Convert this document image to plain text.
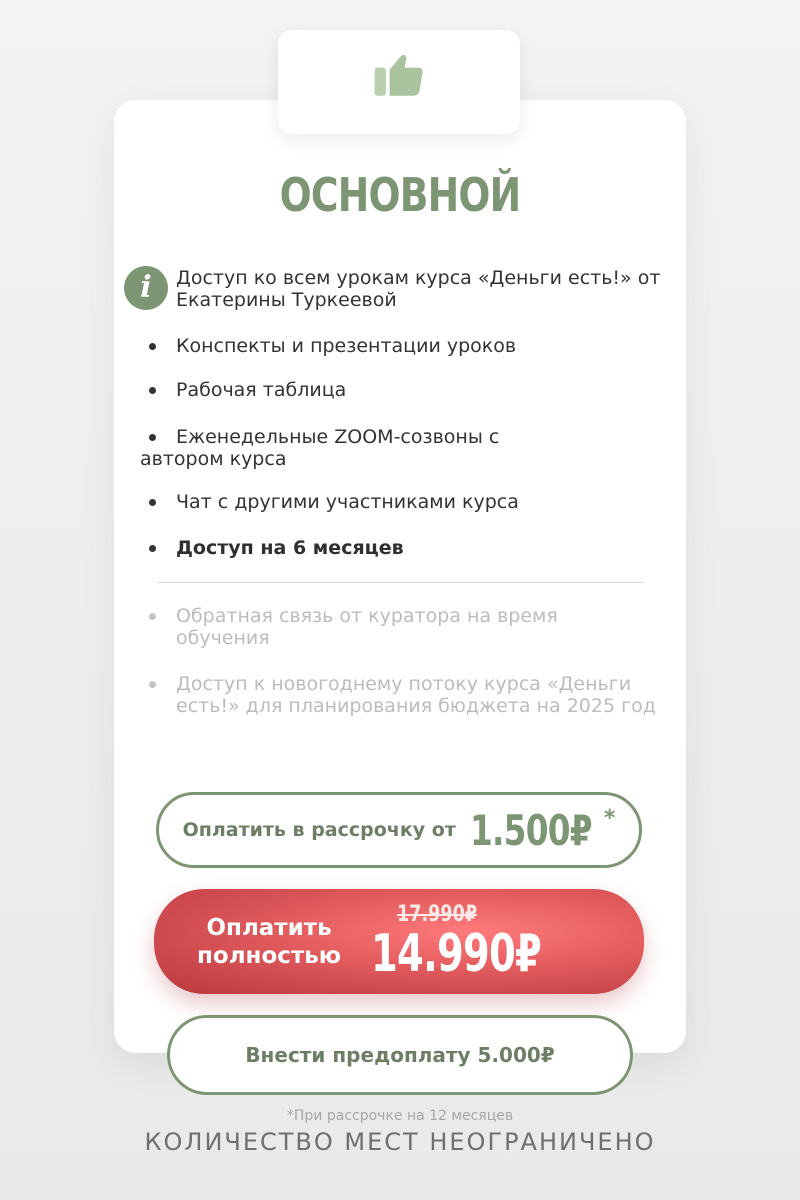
ОСНОВНОЙ
i	Доступ ко всем урокам курса «Деньги есть!» от Екатерины Туркеевой
Конспекты и презентации уроков
Рабочая таблица
Еженедельные ZOOM-созвоны с автором курса
Чат с другими участниками курса
Доступ на 6 месяцев
Обратная связь от куратора на время обучения
Доступ к новогоднему потоку курса «Деньги есть!» для планирования бюджета на 2025 год
Оплатить в рассрочку от 1.500₽ *
Оплатить
полностью
17.990₽
14.990₽
Внести предоплату 5.000₽
*При рассрочке на 12 месяцев
КОЛИЧЕСТВО МЕСТ НЕОГРАНИЧЕНО
